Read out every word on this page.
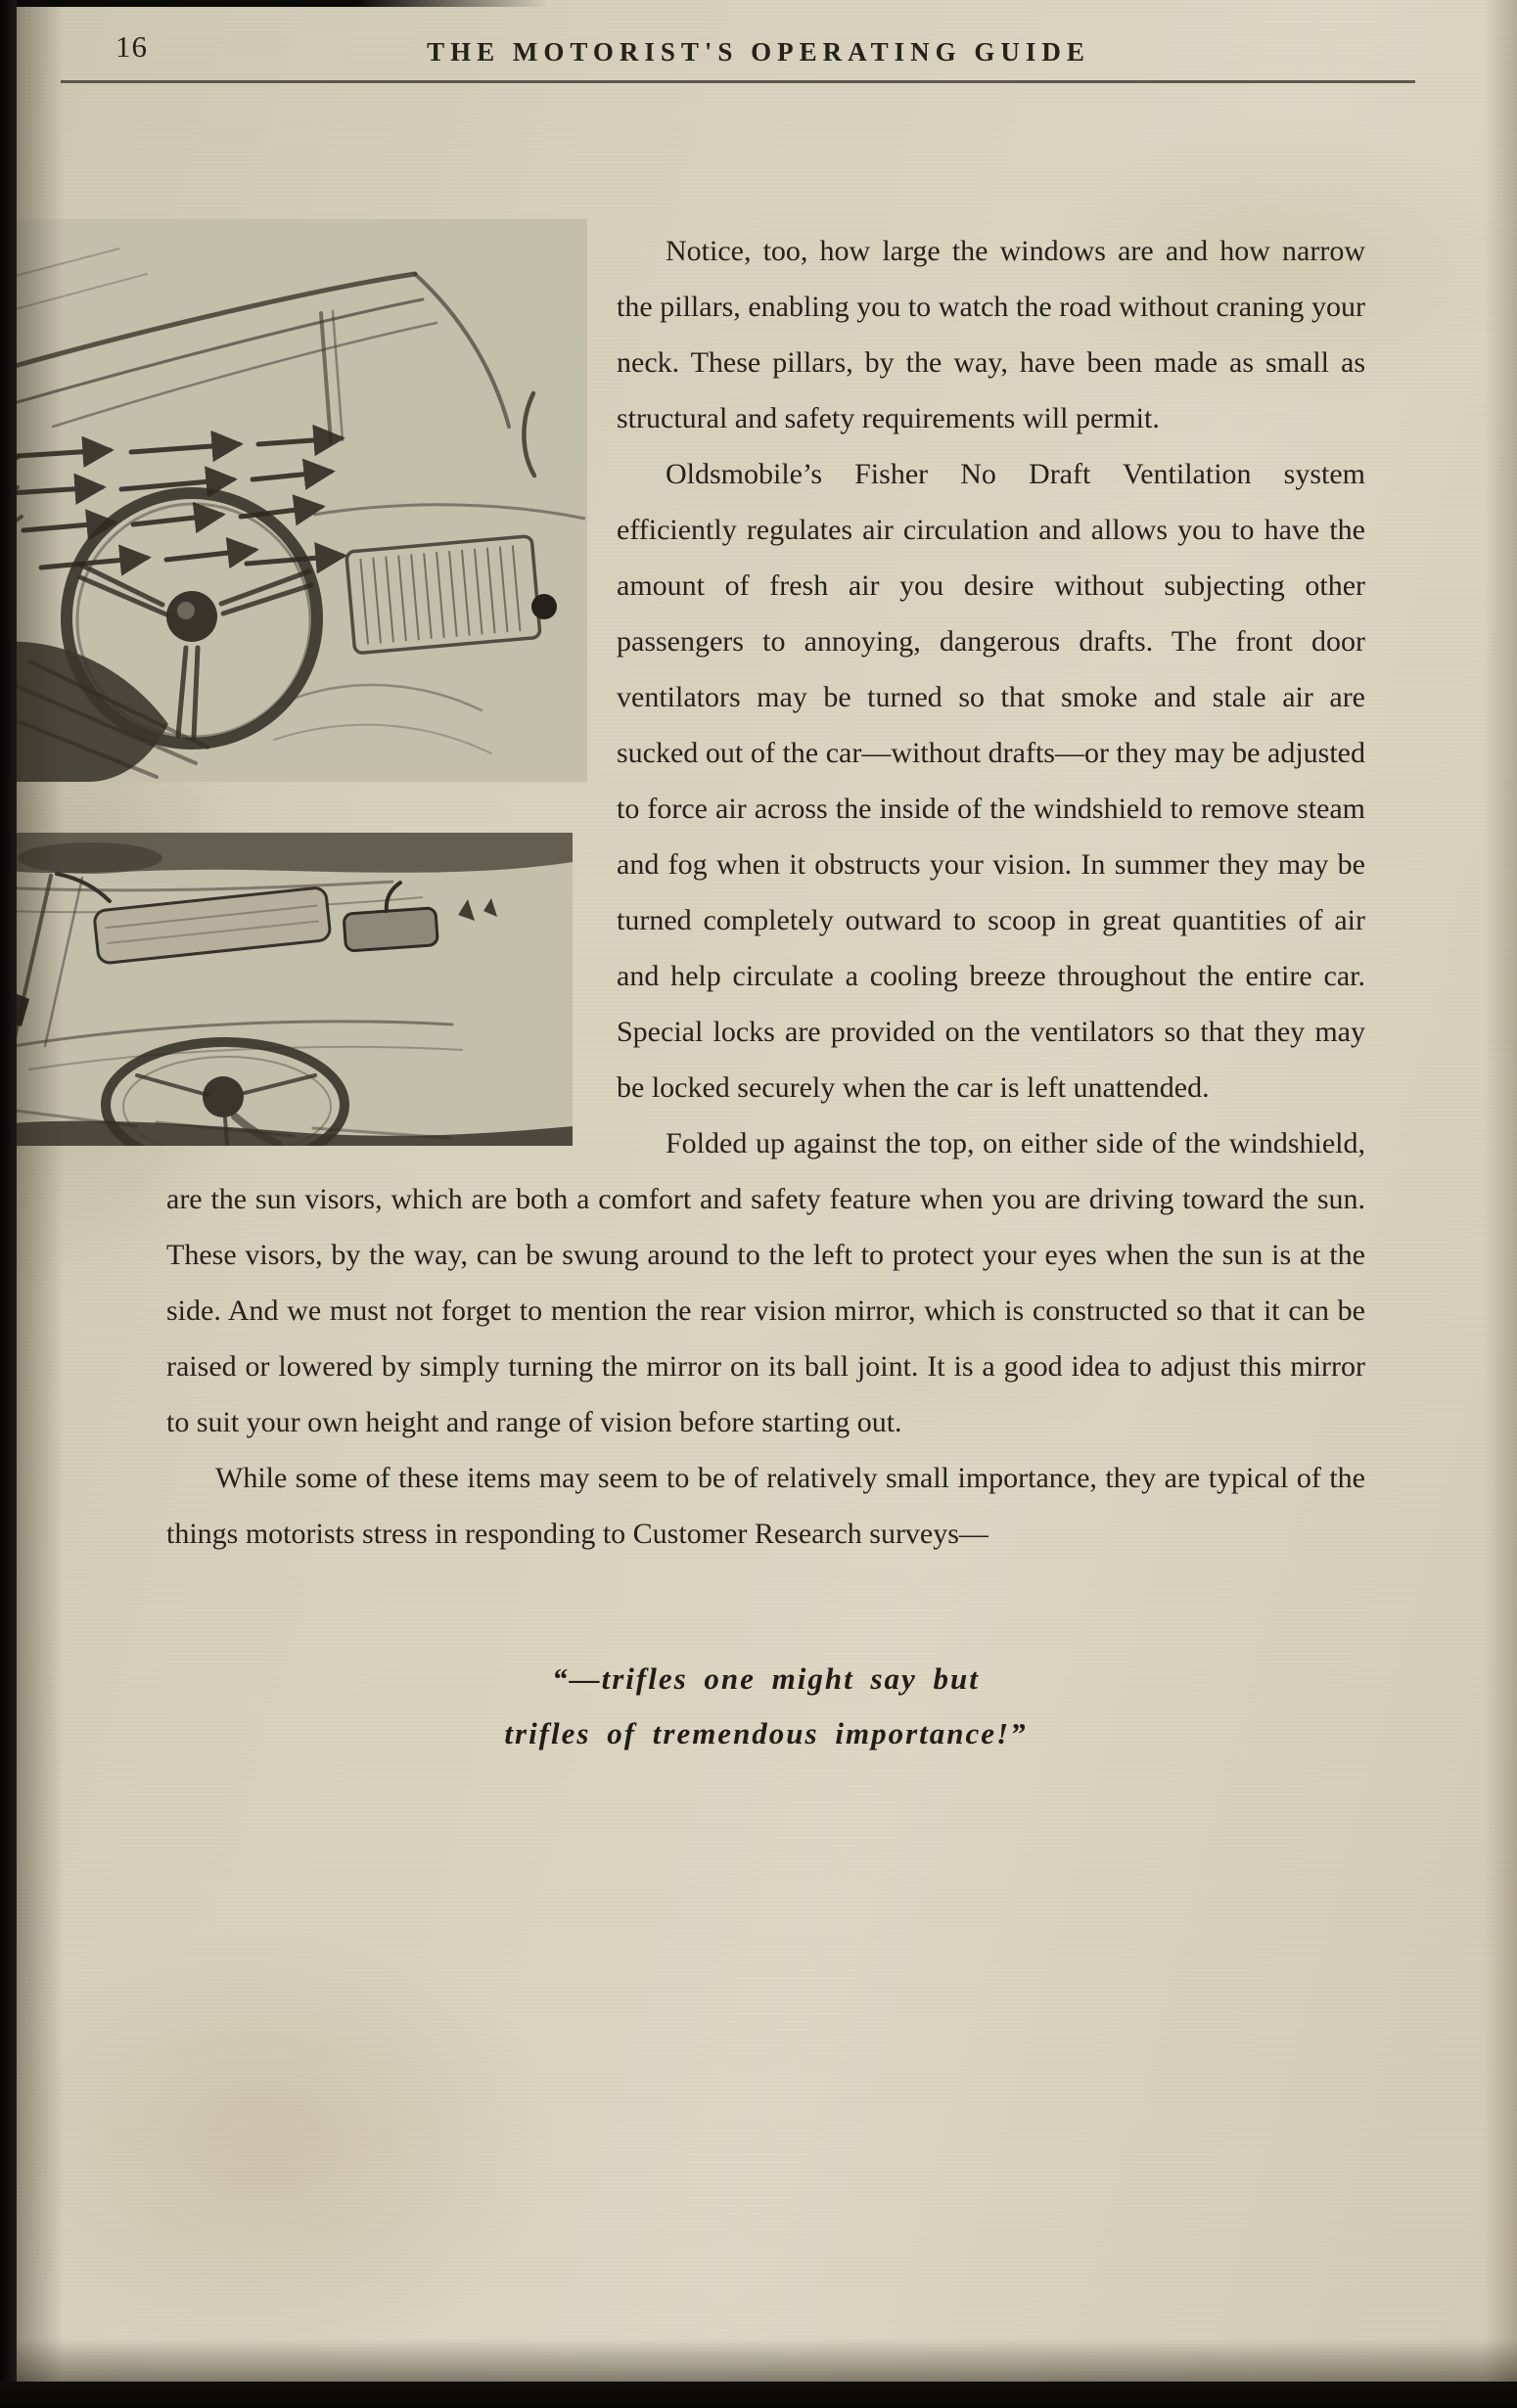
16	THE MOTORIST'S OPERATING GUIDE

Notice, too, how large the windows are and how narrow the pillars, enabling you to watch the road without craning your neck. These pillars, by the way, have been made as small as structural and safety requirements will permit.

Oldsmobile’s Fisher No Draft Ventilation system efficiently regulates air circulation and allows you to have the amount of fresh air you desire without subjecting other passengers to annoying, dangerous drafts. The front door ventilators may be turned so that smoke and stale air are sucked out of the car—without drafts—or they may be adjusted to force air across the inside of the windshield to remove steam and fog when it obstructs your vision. In summer they may be turned completely outward to scoop in great quantities of air and help circulate a cooling breeze throughout the entire car. Special locks are provided on the ventilators so that they may be locked securely when the car is left unattended.

Folded up against the top, on either side of the windshield, are the sun visors, which are both a comfort and safety feature when you are driving toward the sun. These visors, by the way, can be swung around to the left to protect your eyes when the sun is at the side. And we must not forget to mention the rear vision mirror, which is constructed so that it can be raised or lowered by simply turning the mirror on its ball joint. It is a good idea to adjust this mirror to suit your own height and range of vision before starting out.

While some of these items may seem to be of relatively small importance, they are typical of the things motorists stress in responding to Customer Research surveys—

“—trifles one might say but
trifles of tremendous importance!”
